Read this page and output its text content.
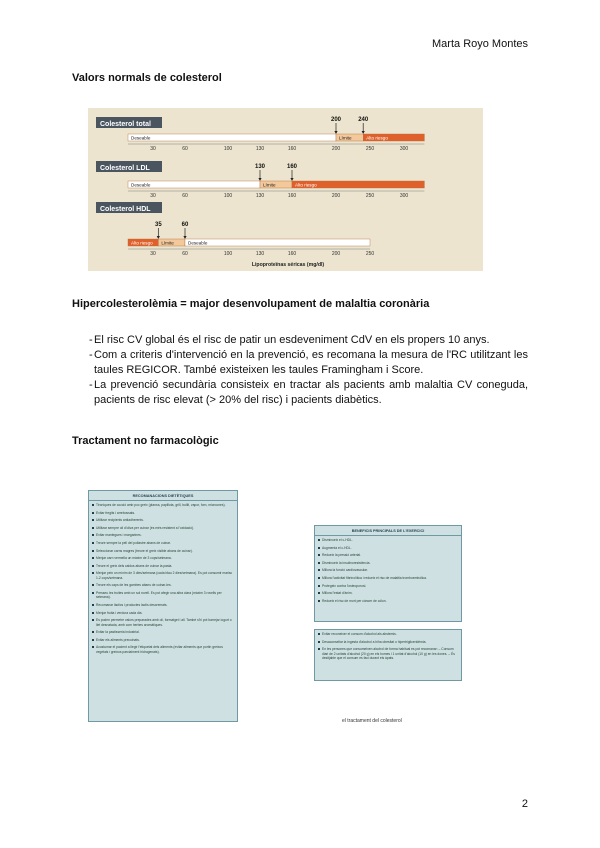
Marta Royo Montes
Valors normals de colesterol
Colesterol total
200	240
Deseable	Límite	Alto riesgo
30	60	100	130	160	200	250	300
Colesterol LDL	130	160
Deseable	Límite	Alto riesgo
30	60	100	130	160	200	250	300
Colesterol HDL
35	60
Alto riesgo Límite	Deseable
30	60	100	130	160	200	250
Lipoproteïnas séricas (mg/dl)
Hipercolesterolèmia = major desenvolupament de malaltia coronària
- El risc CV global és el risc de patir un esdeveniment CdV en els propers 10 anys.
- Com a criteris d'intervenció en la prevenció, es recomana la mesura de l'RC utilitzant les taules REGICOR. També existeixen les taules Framingham i Score.
- La prevenció secundària consisteix en tractar als pacients amb malaltia CV coneguda, pacients de risc elevat (> 20% del risc) i pacients diabètics.
Tractament no farmacològic
RECOMANACIONS DIETÈTIQUES
Tècniques de cocció amb poc greix (planxa, papillota, grill, bullit, vapor, forn, microones).
Evitar fregits i arrebossats.
Utilitzar recipients antiadherents.
Utilitzar sempre oli d'oliva per cuinar (és més resistent a l'oxidació).
Evitar mantegues i margarines.
Treure sempre la pell del pollastre abans de cuinar.
Seleccionar carns magres (treure el greix visible abans de cuinar).
Menjar carn vermella un màxim de 3 cops/setmana.
Treure el greix dels caldos abans de cuinar la pasta.
Menjar peix un mínim de 3 dies/setmana (cada blau 2 dies/setmana). Es pot consumir marisc 1-2 cops/setmana.
Treure els caps de les gambes abans de cuinar-les.
Presseu les truites amb un sol rovell. Es pot afegir una altra clara (màxim 3 rovells per setmana).
Recomanar làctics i productes lactis descremats.
Menjar fruita i verdura cada dia.
Es poden permetre valors preparades amb oli, formatget i all. També s'hi pot barrejar iogurt o llet desnatada, amb com herbes aromàtiques.
Evitar la pastisseria industrial.
Evitar els aliments precuinats.
Acostumar el pacient a llegir l'etiquetat dels aliments (evitar aliments que portin greixos vegetals i greixos parcialment hidrogenats).
BENEFICIS PRINCIPALS DE L'EXERCICI
Disminueix el c-HDL.
Augmenta el c-HDL.
Redueix la pressió arterial.
Disminueix la insulinoresistència.
Millora la funció cardiovascular.
Millora l'activitat fibrinolítica i redueix el risc de malaltia tromboembòlica.
Protegeix contra l'osteoporosi.
Millora l'estat d'ànim.
Redueix el risc de mort per càncer de còlon.
Evitar reconeixer el consum d'alcohol als abstemis.
Desaconsellar la ingesta d'alcohol a hiha obesitat o hipertrigliceridèmia.
En les persones que consumeixen alcohol de forma habitual es pot recomanar: – Consum diari de 2 unitats d'alcohol (20 g) en els homes i 1 unitat d'alcohol (10 g) en les dones. – És desitjable que el consum es faci durant els àpats.
el tractament del colesterol
2
